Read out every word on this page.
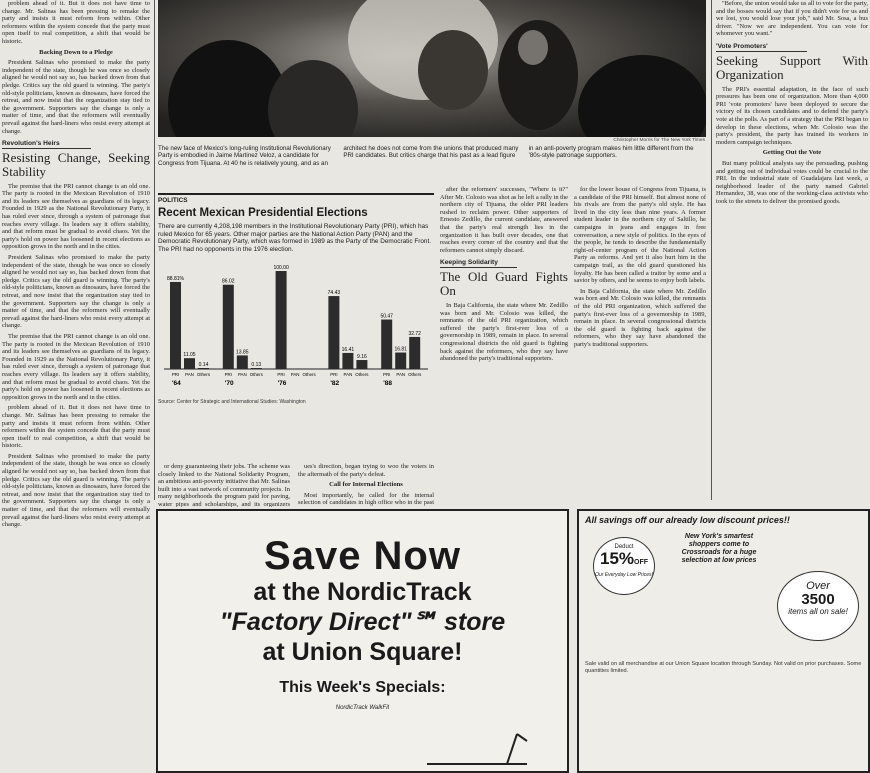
problem ahead of it. But it does not have time to change. Mr. Salinas has been pressing to remake the party and insists it must reform from within. Other reformers within the system concede that the party must open itself to real competition, a shift that would be historic.

Backing Down to a Pledge

President Salinas who promised to make the party independent of the state, though he was once so closely aligned he would not say so, has backed down from that pledge. Critics say the old guard is winning. The party's old-style politicians, known as dinosaurs, have forced the retreat, and now insist that the organization stay tied to the government. Supporters say the change is only a matter of time, and that the reformers will eventually prevail against the hard-liners who resist every attempt at change.

Revolution's Heirs
Resisting Change, Seeking Stability

The premise that the PRI cannot change is an old one. The party is rooted in the Mexican Revolution of 1910 and its leaders see themselves as guardians of its legacy. Founded in 1929 as the National Revolutionary Party, it has ruled ever since, through a system of patronage that reaches every village. Its leaders say it offers stability, and that reform must be gradual to avoid chaos. Yet the party's hold on power has loosened in recent elections as opposition grows in the north and in the cities.

President Salinas who promised to make the party independent of the state, though he was once so closely aligned he would not say so, has backed down from that pledge. Critics say the old guard is winning. The party's old-style politicians, known as dinosaurs, have forced the retreat, and now insist that the organization stay tied to the government. Supporters say the change is only a matter of time, and that the reformers will eventually prevail against the hard-liners who resist every attempt at change.

The premise that the PRI cannot change is an old one. The party is rooted in the Mexican Revolution of 1910 and its leaders see themselves as guardians of its legacy. Founded in 1929 as the National Revolutionary Party, it has ruled ever since, through a system of patronage that reaches every village. Its leaders say it offers stability, and that reform must be gradual to avoid chaos. Yet the party's hold on power has loosened in recent elections as opposition grows in the north and in the cities.

problem ahead of it. But it does not have time to change. Mr. Salinas has been pressing to remake the party and insists it must reform from within. Other reformers within the system concede that the party must open itself to real competition, a shift that would be historic.

President Salinas who promised to make the party independent of the state, though he was once so closely aligned he would not say so, has backed down from that pledge. Critics say the old guard is winning. The party's old-style politicians, known as dinosaurs, have forced the retreat, and now insist that the organization stay tied to the government. Supporters say the change is only a matter of time, and that the reformers will eventually prevail against the hard-liners who resist every attempt at change.

Christopher Morris for The New York Times
The new face of Mexico's long-ruling Institutional Revolutionary Party is embodied in Jaime Martinez Veloz, a candidate for Congress from Tijuana. At 40 he is relatively young, and as an architect he does not come from the unions that produced many PRI candidates. But critics charge that his past as a lead figure in an anti-poverty program makes him little different from the '80s-style patronage supporters.
POLITICS
Recent Mexican Presidential Elections
There are currently 4,208,198 members in the Institutional Revolutionary Party (PRI), which has ruled Mexico for 65 years. Other major parties are the National Action Party (PAN) and the Democratic Revolutionary Party, which was formed in 1989 as the Party of the Democratic Front. The PRI had no opponents in the 1976 election.
88.81%
PRI
11.05
PAN
0.14
Others
'64
86.02
PRI
13.85
PAN
0.13
Others
'70
100.00
PRI PAN Others
'76
74.43
PRI
16.41
PAN
9.16
Others
'82
50.47
PRI
16.81
PAN
32.72
Others
'88
Source: Center for Strategic and International Studies: Washington

or deny guaranteeing their jobs. The scheme was closely linked to the National Solidarity Program, an ambitious anti-poverty initiative that Mr. Salinas built into a vast network of community projects. In many neighborhoods the program paid for paving, water pipes and scholarships, and its organizers

ues's direction, began trying to woo the voters in the aftermath of the party's defeat.

Call for Internal Elections

Most importantly, he called for the internal selection of candidates in high office who in the past

after the reformers' successes, "Where is it?" After Mr. Colosio was shot as he left a rally in the northern city of Tijuana, the older PRI leaders rushed to reclaim power. Other supporters of Ernesto Zedillo, the current candidate, answered that the party's real strength lies in the organization it has built over decades, one that reaches every corner of the country and that the reformers cannot simply discard.

Keeping Solidarity
The Old Guard Fights On

In Baja California, the state where Mr. Zedillo was born and Mr. Colosio was killed, the remnants of the old PRI organization, which suffered the party's first-ever loss of a governorship in 1989, remain in place. In several congressional districts the old guard is fighting back against the reformers, who they say have abandoned the party's traditional supporters.

for the lower house of Congress from Tijuana, is a candidate of the PRI himself. But almost none of his rivals are from the party's old style. He has lived in the city less than nine years. A former student leader in the northern city of Saltillo, he campaigns in jeans and engages in free conversation, a new style of politics. In the eyes of the people, he tends to describe the fundamentally right-of-center program of the National Action Party as reforms. And yet it also hurt him in the campaign trail, as the old guard questioned his loyalty. He has been called a traitor by some and a savior by others, and he seems to enjoy both labels.

In Baja California, the state where Mr. Zedillo was born and Mr. Colosio was killed, the remnants of the old PRI organization, which suffered the party's first-ever loss of a governorship in 1989, remain in place. In several congressional districts the old guard is fighting back against the reformers, who they say have abandoned the party's traditional supporters.

"Before, the union would take us all to vote for the party, and the bosses would say that if you didn't vote for us and we lost, you would lose your job," said Mr. Sosa, a bus driver. "Now we are independent. You can vote for whomever you want."

'Vote Promoters'
Seeking Support With Organization

The PRI's essential adaptation, in the face of such pressures has been one of organization. More than 4,000 PRI 'vote promoters' have been deployed to secure the victory of its chosen candidates and to defend the party's vote at the polls. As part of a strategy that the PRI began to develop in these elections, when Mr. Colosio was the party's president, the party has trained its workers in modern campaign techniques.

Getting Out the Vote

But many political analysts say the persuading, pushing and getting out of individual votes could be crucial to the PRI. In the industrial state of Guadalajara last week, a neighborhood leader of the party named Gabriel Hernandez, 38, was one of the working-class activists who took to the streets to deliver the promised goods.

Save Now
at the NordicTrack
"Factory Direct"℠ store
at Union Square!
This Week's Specials:
NordicTrack WalkFit
All savings off our already low discount prices!!
Deduct
15%OFF
Our Everyday Low Prices!
New York's smartest shoppers come to Crossroads for a huge selection at low prices
Over
3500
items all on sale!
Sale valid on all merchandise at our Union Square location through Sunday. Not valid on prior purchases. Some quantities limited.
